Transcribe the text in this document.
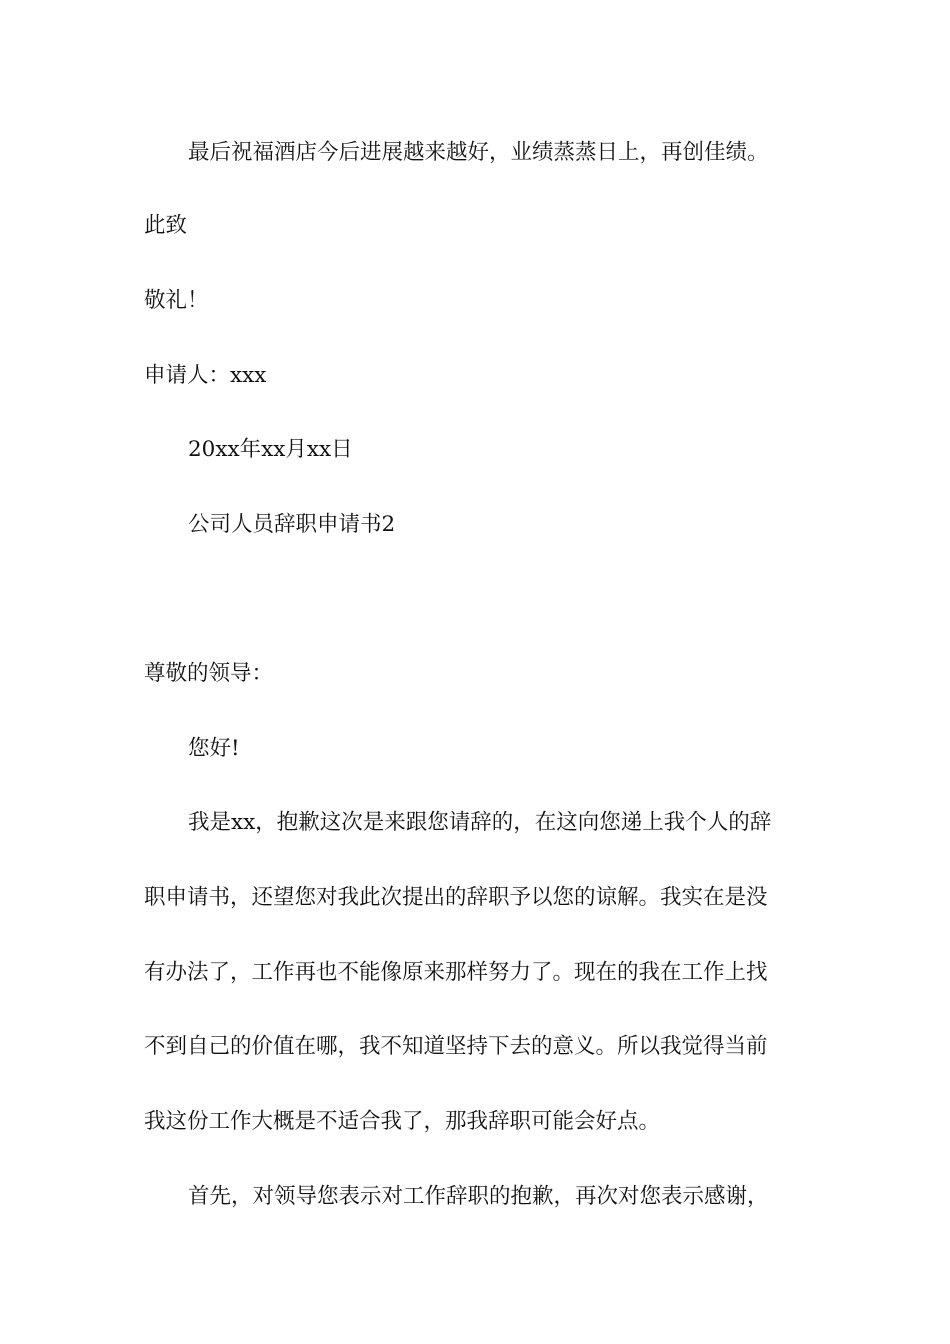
最后祝福酒店今后进展越来越好，业绩蒸蒸日上，再创佳绩。

此致

敬礼！

申请人：xxx

20xx年xx月xx日

公司人员辞职申请书2

尊敬的领导：

您好!

我是xx，抱歉这次是来跟您请辞的，在这向您递上我个人的辞

职申请书，还望您对我此次提出的辞职予以您的谅解。我实在是没

有办法了，工作再也不能像原来那样努力了。现在的我在工作上找

不到自己的价值在哪，我不知道坚持下去的意义。所以我觉得当前

我这份工作大概是不适合我了，那我辞职可能会好点。

首先，对领导您表示对工作辞职的抱歉，再次对您表示感谢，
